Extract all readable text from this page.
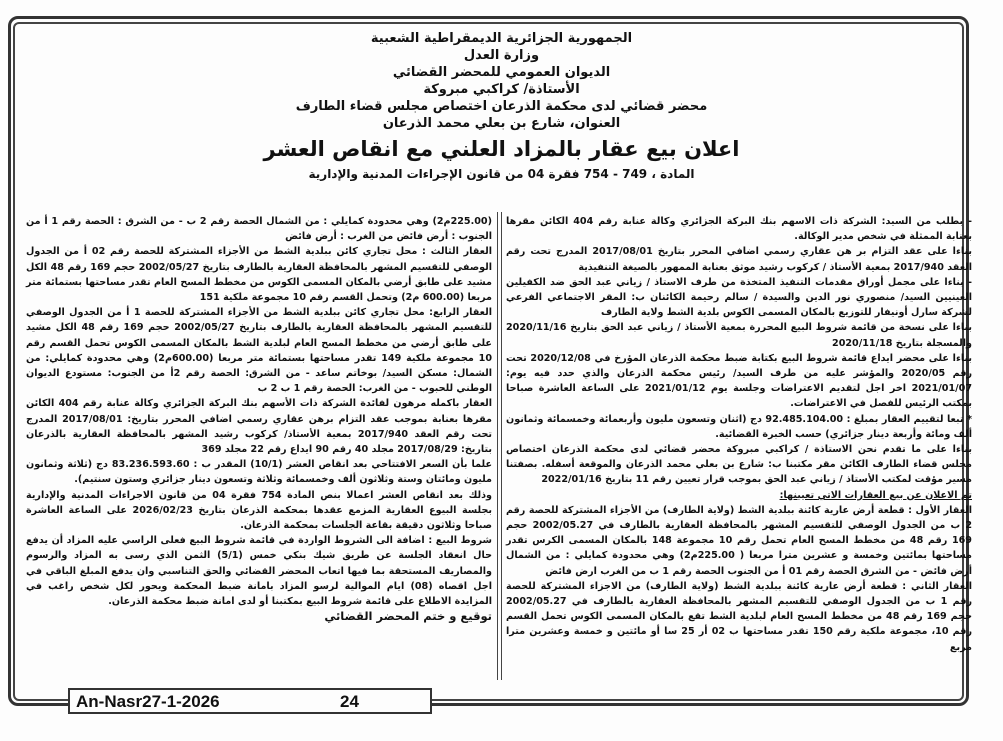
الجمهورية الجزائرية الديمقراطية الشعبية
وزارة العدل
الديوان العمومي للمحضر القضائي
الأستاذة/ كراكبي مبروكة
محضر قضائي لدى محكمة الذرعان اختصاص مجلس قضاء الطارف
العنوان، شارع بن بعلي محمد الذرعان
اعلان بيع عقار بالمزاد العلني مع انقاص العشر
المادة ، 749 - 754 فقرة 04 من قانون الإجراءات المدنية والإدارية

- بطلب من السيد: الشركة ذات الاسهم بنك البركة الجزائري وكالة عنابة رقم 404 الكائن مقرها بعنابة الممثلة في شخص مدير الوكالة.

بناءا على عقد التزام بر هن عقاري رسمي اضافي المحرر بتاريخ 2017/08/01 المدرج تحت رقم العقد 2017/940 بمعية الأستاذ / كركوب رشيد موثق بعنابة الممهور بالصيغة التنفيذية

- بناءا على مجمل أوراق مقدمات التنفيذ المتخذة من طرف الاستاذ / زياني عبد الحق ضد الكفيلين العينيين السيد/ منصوري نور الدين والسيدة / سالم رحيمة الكائنان ب: المقر الاجتماعي الفرعي لشركة سارل أونيفار للتوزيع بالمكان المسمى الكوس بلدية الشط ولاية الطارف

بناءا على نسخة من قائمة شروط البيع المحررة بمعية الأستاذ / زياني عبد الحق بتاريخ 2020/11/16 والمسجلة بتاريخ 2020/11/18

بناءا على محضر ايداع قائمة شروط البيع بكتابة ضبط محكمة الذرعان المؤرخ في 2020/12/08 تحت رقم 2020/05 والمؤشر عليه من طرف السيد/ رئيس محكمة الذرعان والذي حدد فيه يوم: 2021/01/07 اخر اجل لتقديم الاعتراضات وجلسة يوم 2021/01/12 على الساعة العاشرة صباحا بمكتب الرئيس للفصل في الاعتراضات.

* تبعا لتقييم العقار بمبلغ : 92.485.104.00 دج (اثنان وتسعون مليون وأربعمائة وخمسمائة وثمانون ألف ومائة وأربعة دينار جزائري) حسب الخبرة القضائية.

بناءا على ما تقدم نحن الاستاذة / كراكبي مبروكة محضر قضائي لدى محكمة الذرعان اختصاص مجلس قضاء الطارف الكائن مقر مكتبنا ب: شارع بن بعلي محمد الذرعان والموقعة أسفله. بصفتنا مسير مؤقت لمكتب الأستاذ / زياني عبد الحق بموجب قرار تعيين رقم 11 بتاريخ 2022/01/16

تم الاعلان عن بيع العقارات الاتي تعيينها:

العقار الأول : قطعة أرض عارية كائنة ببلدية الشط (ولاية الطارف) من الأجزاء المشتركة للحصة رقم 2 ب من الجدول الوصفي للتقسيم المشهر بالمحافظة العقارية بالطارف في 2002/05.27 حجم 169 رقم 48 من مخطط المسح العام تحمل رقم 10 مجموعة 148 بالمكان المسمى الكرس تقدر مساحتها بمائتين وخمسة و عشرين مترا مربعا ( 225.00م2) وهي محدودة كمايلي : من الشمال أرض فائض - من الشرق الحصة رقم 01 أ من الجنوب الحصة رقم 1 ب من الغرب ارض فائض

العقار الثاني : قطعة أرض عارية كائنة ببلدية الشط (ولاية الطارف) من الاجزاء المشتركة للحصة رقم 1 ب من الجدول الوصفي للتقسيم المشهر بالمحافظة العقارية بالطارف في 2002/05.27 حجم 169 رقم 48 من مخطط المسح العام لبلدية الشط تقع بالمكان المسمى الكوس تحمل القسم رقم 10، مجموعة ملكية رقم 150 تقدر مساحتها ب 02 أر 25 سا أو مائتين و خمسة وعشرين مترا مربع

(225.00م2) وهي محدودة كمايلي : من الشمال الحصة رقم 2 ب - من الشرق : الحصة رقم 1 أ من الجنوب : أرض فائض من الغرب : أرض فائض

العقار الثالث : محل تجاري كائن ببلدية الشط من الأجزاء المشتركة للحصة رقم 02 أ من الجدول الوصفي للتقسيم المشهر بالمحافظة العقارية بالطارف بتاريخ 2002/05/27 حجم 169 رقم 48 الكل مشيد على طابق أرضي بالمكان المسمى الكوس من مخطط المسح العام تقدر مساحتها بستمائة متر مربعا (600.00 م2) وتحمل القسم رقم 10 مجموعة ملكية 151

العقار الرابع: محل تجاري كائن ببلدية الشط من الأجزاء المشتركة للحصة 1 أ من الجدول الوصفي للتقسيم المشهر بالمحافظة العقارية بالطارف بتاريخ 2002/05/27 حجم 169 رقم 48 الكل مشيد على طابق أرضي من مخطط المسح العام لبلدية الشط بالمكان المسمى الكوس تحمل القسم رقم 10 مجموعة ملكية 149 تقدر مساحتها بستمائة متر مربعا (600.00م2) وهي محدودة كمايلي: من الشمال: مسكن السيد/ بوخاتم ساعد - من الشرق: الحصة رقم 2أ من الجنوب: مستودع الديوان الوطني للحبوب - من الغرب: الحصة رقم 1 ب 2 ب

العقار باكمله مرهون لفائدة الشركة ذات الأسهم بنك البركة الجزائري وكالة عنابة رقم 404 الكائن مقرها بعنابة بموجب عقد التزام برهن عقاري رسمي اضافي المحرر بتاريخ: 2017/08/01 المدرج تحت رقم العقد 2017/940 بمعية الأستاذ/ كركوب رشيد المشهر بالمحافظة العقارية بالذرعان بتاريخ: 2017/08/29 مجلد 40 رقم 90 ايداع رقم 22 مجلد 369

علما بأن السعر الافتتاحي بعد انقاص العشر (10/1) المقدر ب : 83.236.593.60 دج (ثلاثة وثمانون مليون ومائتان وستة وثلاثون ألف وخمسمائة وثلاثة وتسعون دينار جزائري وستون سنتيم).

وذلك بعد انقاص العشر اعمالا بنص المادة 754 فقرة 04 من قانون الاجراءات المدنية والإدارية بجلسة البيوع العقارية المزمع عقدها بمحكمة الذرعان بتاريخ 2026/02/23 على الساعة العاشرة صباحا وثلاثون دقيقة بقاعة الجلسات بمحكمة الذرعان.

شروط البيع : اضافة الى الشروط الواردة في قائمة شروط البيع فعلى الراسي عليه المزاد أن يدفع حال انعقاد الجلسة عن طريق شيك بنكي خمس (5/1) الثمن الذي رسى به المزاد والرسوم والمصاريف المستحقة بما فيها اتعاب المحضر القضائي والحق التناسبي وان يدفع المبلغ الباقي في اجل اقصاه (08) ايام الموالية لرسو المزاد بامانة ضبط المحكمة ويحور لكل شخص راغب في المزايدة الاطلاع على قائمة شروط البيع بمكتبنا أو لدى امانة ضبط محكمة الذرعان.

توقيع و ختم المحضر القضائي

An-Nasr27-1-2026	24
